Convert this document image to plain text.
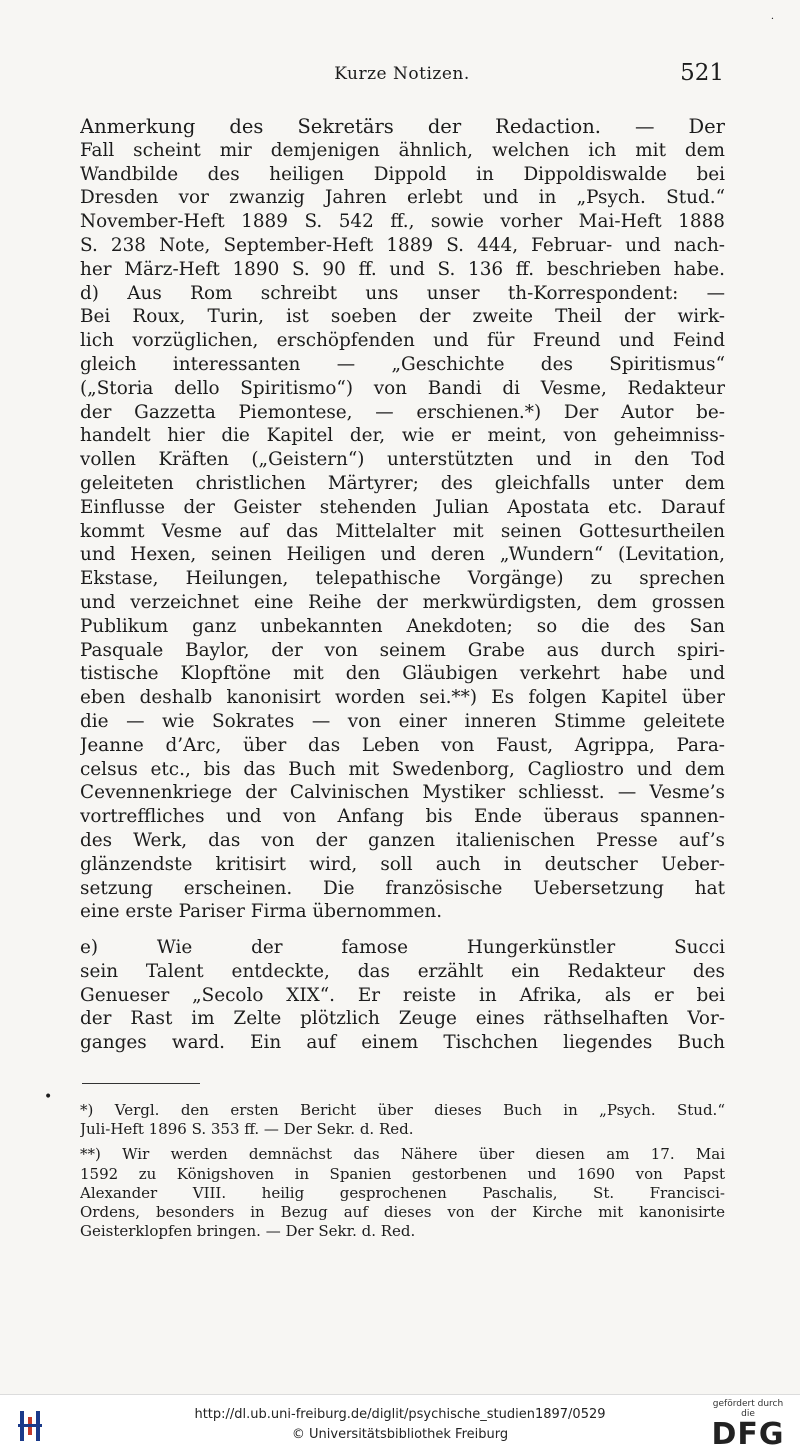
·
Kurze Notizen.	521
Anmerkung des Sekretärs der Redaction. — Der
Fall scheint mir demjenigen ähnlich, welchen ich mit dem
Wandbilde des heiligen Dippold in Dippoldiswalde bei
Dresden vor zwanzig Jahren erlebt und in „Psych. Stud.“
November-Heft 1889 S. 542 ff., sowie vorher Mai-Heft 1888
S. 238 Note, September-Heft 1889 S. 444, Februar- und nach-
her März-Heft 1890 S. 90 ff. und S. 136 ff. beschrieben habe.
d) Aus Rom schreibt uns unser th-Korrespondent: —
Bei Roux, Turin, ist soeben der zweite Theil der wirk-
lich vorzüglichen, erschöpfenden und für Freund und Feind
gleich interessanten — „Geschichte des Spiritismus“
(„Storia dello Spiritismo“) von Bandi di Vesme, Redakteur
der Gazzetta Piemontese, — erschienen.*) Der Autor be-
handelt hier die Kapitel der, wie er meint, von geheimniss-
vollen Kräften („Geistern“) unterstützten und in den Tod
geleiteten christlichen Märtyrer; des gleichfalls unter dem
Einflusse der Geister stehenden Julian Apostata etc. Darauf
kommt Vesme auf das Mittelalter mit seinen Gottesurtheilen
und Hexen, seinen Heiligen und deren „Wundern“ (Levitation,
Ekstase, Heilungen, telepathische Vorgänge) zu sprechen
und verzeichnet eine Reihe der merkwürdigsten, dem grossen
Publikum ganz unbekannten Anekdoten; so die des San
Pasquale Baylor, der von seinem Grabe aus durch spiri-
tistische Klopftöne mit den Gläubigen verkehrt habe und
eben deshalb kanonisirt worden sei.**) Es folgen Kapitel über
die — wie Sokrates — von einer inneren Stimme geleitete
Jeanne d’Arc, über das Leben von Faust, Agrippa, Para-
celsus etc., bis das Buch mit Swedenborg, Cagliostro und dem
Cevennenkriege der Calvinischen Mystiker schliesst. — Vesme’s
vortreffliches und von Anfang bis Ende überaus spannen-
des Werk, das von der ganzen italienischen Presse auf’s
glänzendste kritisirt wird, soll auch in deutscher Ueber-
setzung erscheinen. Die französische Uebersetzung hat
eine erste Pariser Firma übernommen.
e) Wie der famose Hungerkünstler Succi
sein Talent entdeckte, das erzählt ein Redakteur des
Genueser „Secolo XIX“. Er reiste in Afrika, als er bei
der Rast im Zelte plötzlich Zeuge eines räthselhaften Vor-
ganges ward. Ein auf einem Tischchen liegendes Buch
•
*) Vergl. den ersten Bericht über dieses Buch in „Psych. Stud.“
Juli-Heft 1896 S. 353 ff. — Der Sekr. d. Red.
**) Wir werden demnächst das Nähere über diesen am 17. Mai
1592 zu Königshoven in Spanien gestorbenen und 1690 von Papst
Alexander VIII. heilig gesprochenen Paschalis, St. Francisci-
Ordens, besonders in Bezug auf dieses von der Kirche mit kanonisirte
Geisterklopfen bringen. — Der Sekr. d. Red.
http://dl.ub.uni-freiburg.de/diglit/psychische_studien1897/0529
© Universitätsbibliothek Freiburg
gefördert durch die
DFG
